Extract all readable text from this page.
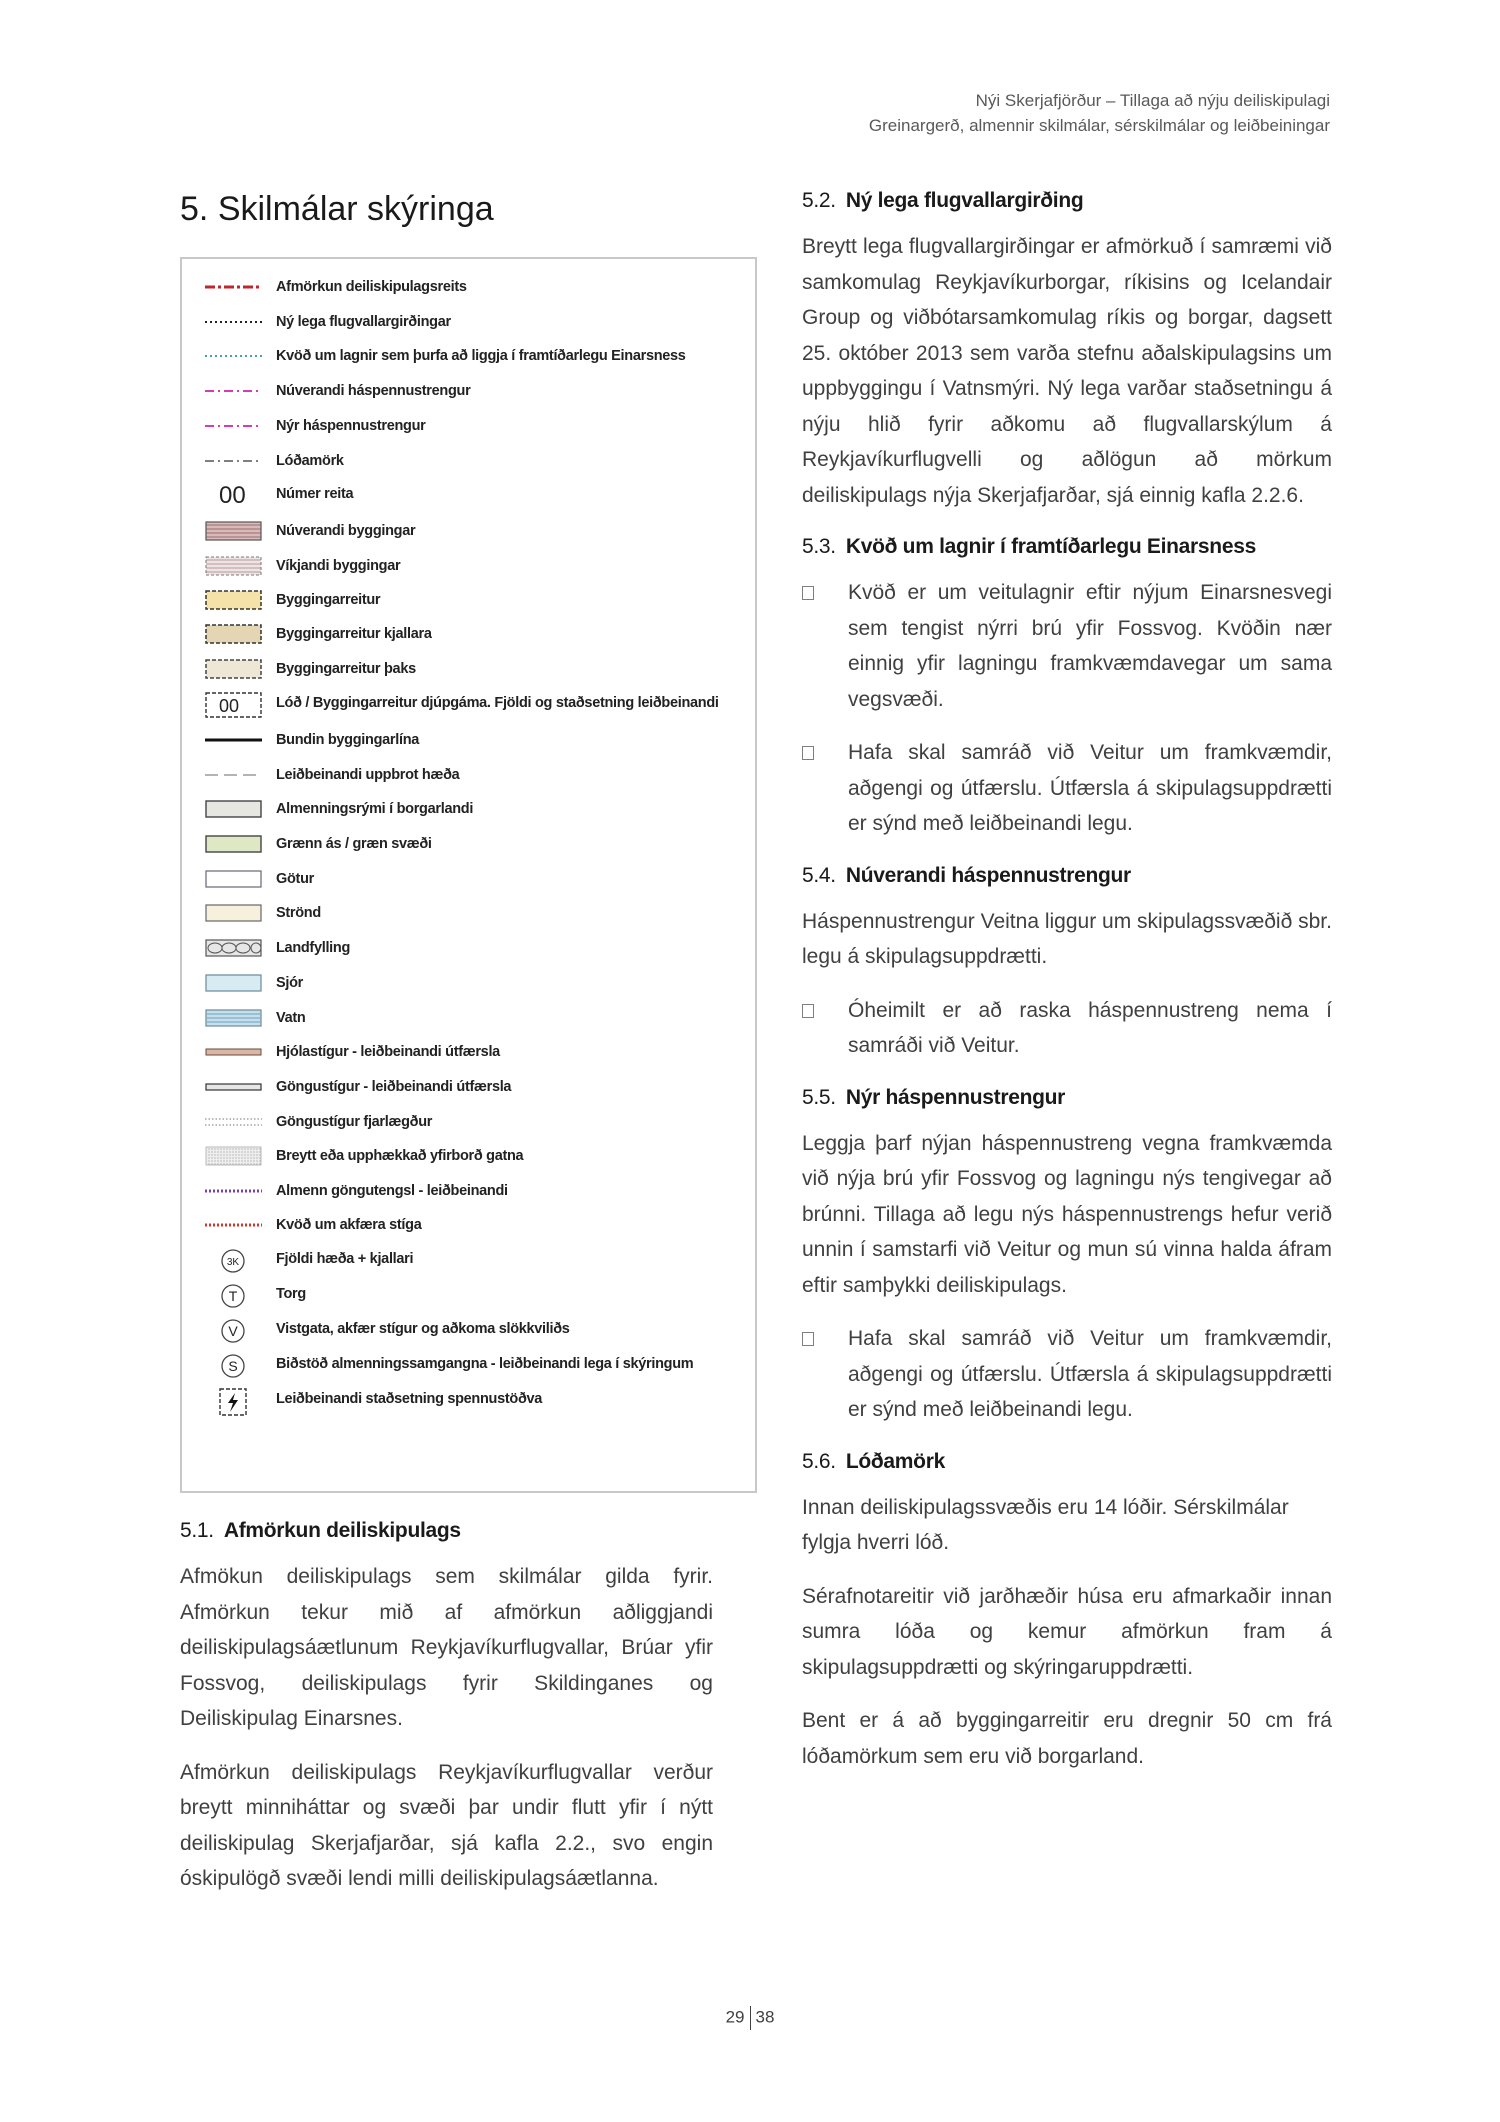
Nýi Skerjafjörður – Tillaga að nýju deiliskipulagi
Greinargerð, almennir skilmálar, sérskilmálar og leiðbeiningar
5. Skilmálar skýringa
Afmörkun deiliskipulagsreits
Ný lega flugvallargirðingar
Kvöð um lagnir sem þurfa að liggja í framtíðarlegu Einarsness
Núverandi háspennustrengur
Nýr háspennustrengur
Lóðamörk
00 Númer reita
Núverandi byggingar
Víkjandi byggingar
Byggingarreitur
Byggingarreitur kjallara
Byggingarreitur þaks
00	Lóð / Byggingarreitur djúpgáma. Fjöldi og staðsetning leiðbeinandi
Bundin byggingarlína
Leiðbeinandi uppbrot hæða
Almenningsrými í borgarlandi
Grænn ás / græn svæði
Götur
Strönd
Landfylling
Sjór
Vatn
Hjólastígur - leiðbeinandi útfærsla
Göngustígur - leiðbeinandi útfærsla
Göngustígur fjarlægður
Breytt eða upphækkað yfirborð gatna
Almenn göngutengsl - leiðbeinandi
Kvöð um akfæra stíga
3K	Fjöldi hæða + kjallari
T	Torg
V	Vistgata, akfær stígur og aðkoma slökkviliðs
S	Biðstöð almenningssamgangna - leiðbeinandi lega í skýringum
Leiðbeinandi staðsetning spennustöðva
5.1. Afmörkun deiliskipulags

Afmökun deiliskipulags sem skilmálar gilda fyrir. Afmörkun tekur mið af afmörkun aðliggjandi deiliskipulagsáætlunum Reykjavíkurflugvallar, Brúar yfir Fossvog, deiliskipulags fyrir Skildinganes og Deiliskipulag Einarsnes.

Afmörkun deiliskipulags Reykjavíkurflugvallar verður breytt minniháttar og svæði þar undir flutt yfir í nýtt deiliskipulag Skerjafjarðar, sjá kafla 2.2., svo engin óskipulögð svæði lendi milli deiliskipulagsáætlanna.

5.2. Ný lega flugvallargirðing

Breytt lega flugvallargirðingar er afmörkuð í samræmi við samkomulag Reykjavíkurborgar, ríkisins og Icelandair Group og viðbótarsamkomulag ríkis og borgar, dagsett 25. október 2013 sem varða stefnu aðalskipulagsins um uppbyggingu í Vatnsmýri. Ný lega varðar staðsetningu á nýju hlið fyrir aðkomu að flugvallarskýlum á Reykjavíkurflugvelli og aðlögun að mörkum deiliskipulags nýja Skerjafjarðar, sjá einnig kafla 2.2.6.

5.3. Kvöð um lagnir í framtíðarlegu Einarsness
Kvöð er um veitulagnir eftir nýjum Einarsnesvegi sem tengist nýrri brú yfir Fossvog. Kvöðin nær einnig yfir lagningu framkvæmdavegar um sama vegsvæði.
Hafa skal samráð við Veitur um framkvæmdir, aðgengi og útfærslu. Útfærsla á skipulagsuppdrætti er sýnd með leiðbeinandi legu.
5.4. Núverandi háspennustrengur

Háspennustrengur Veitna liggur um skipulagssvæðið sbr. legu á skipulagsuppdrætti.

Óheimilt er að raska háspennustreng nema í samráði við Veitur.
5.5. Nýr háspennustrengur

Leggja þarf nýjan háspennustreng vegna framkvæmda við nýja brú yfir Fossvog og lagningu nýs tengivegar að brúnni. Tillaga að legu nýs háspennustrengs hefur verið unnin í samstarfi við Veitur og mun sú vinna halda áfram eftir samþykki deiliskipulags.

Hafa skal samráð við Veitur um framkvæmdir, aðgengi og útfærslu. Útfærsla á skipulagsuppdrætti er sýnd með leiðbeinandi legu.
5.6. Lóðamörk

Innan deiliskipulagssvæðis eru 14 lóðir. Sérskilmálar fylgja hverri lóð.

Sérafnotareitir við jarðhæðir húsa eru afmarkaðir innan sumra lóða og kemur afmörkun fram á skipulagsuppdrætti og skýringaruppdrætti.

Bent er á að byggingarreitir eru dregnir 50 cm frá lóðamörkum sem eru við borgarland.

29 38
